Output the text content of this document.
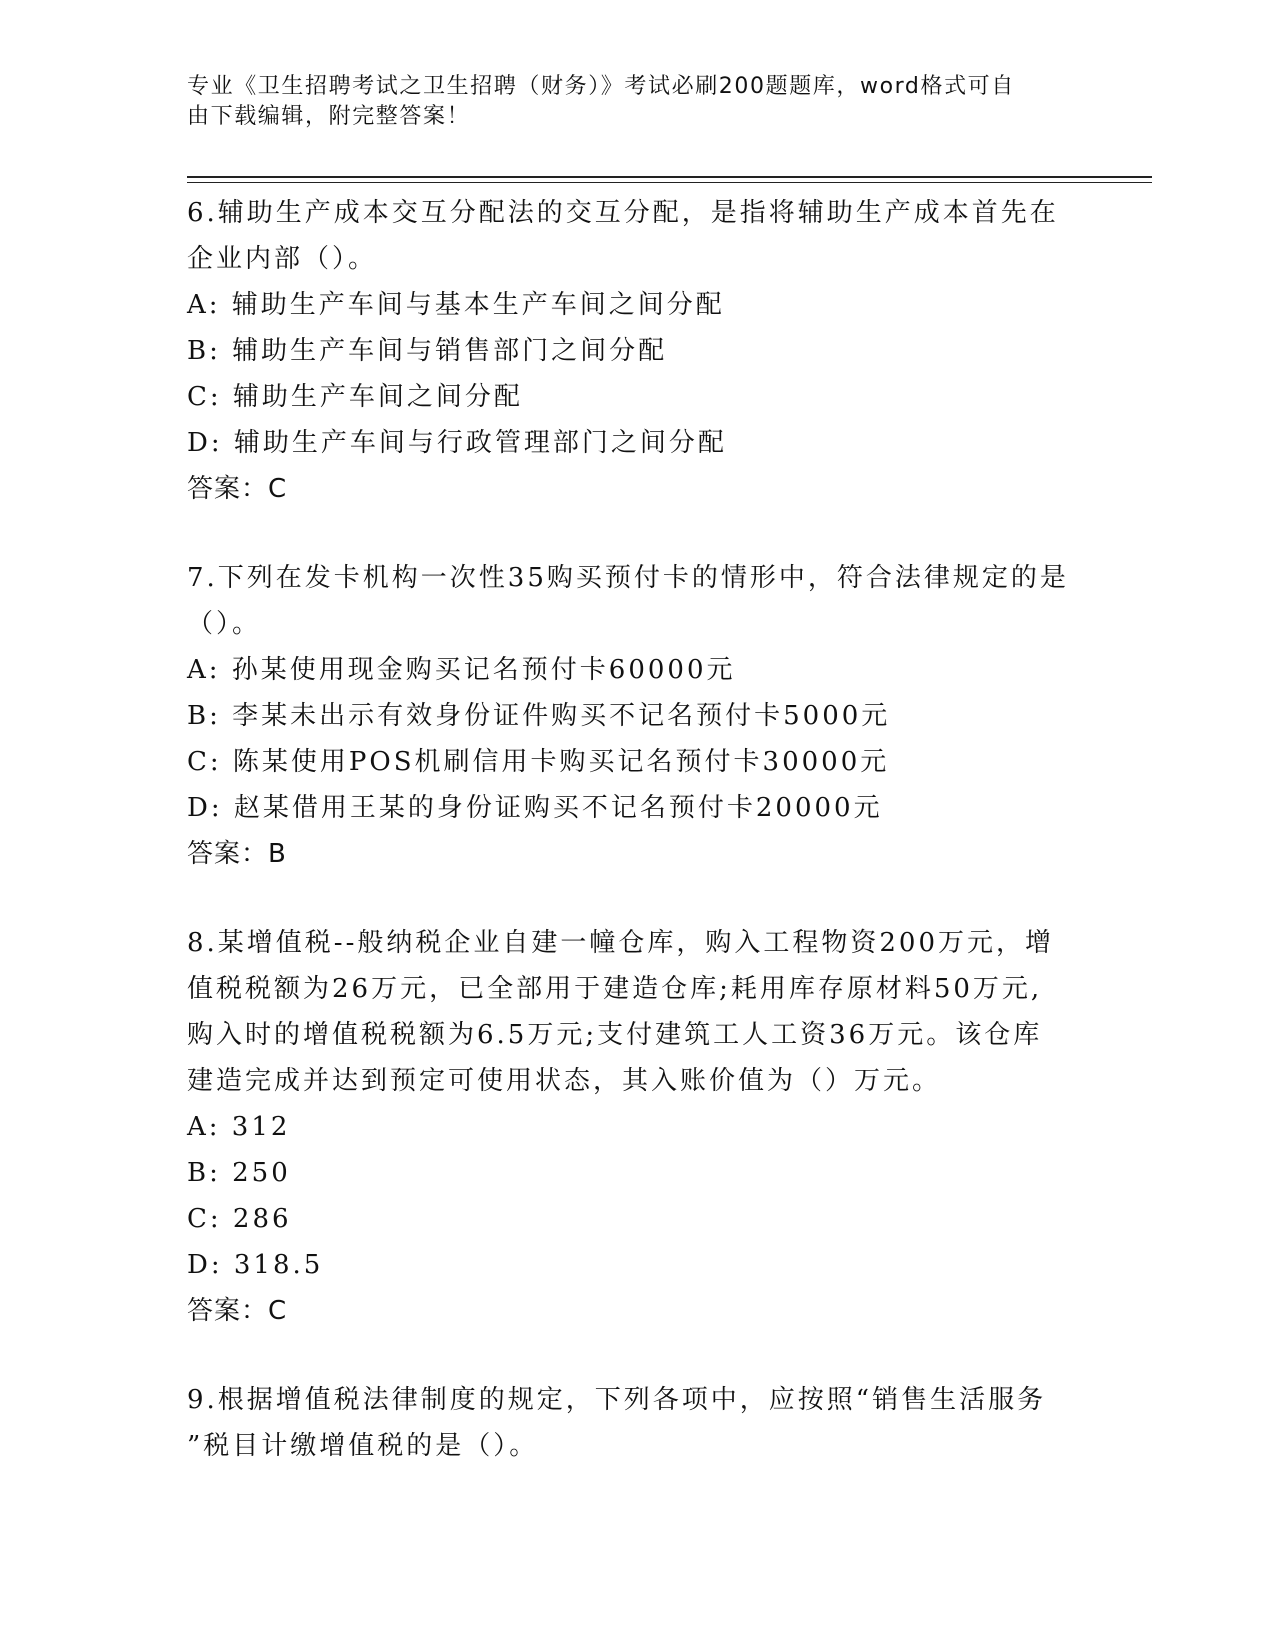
专业《卫生招聘考试之卫生招聘（财务）》考试必刷200题题库，word格式可自
由下载编辑，附完整答案！

6.辅助生产成本交互分配法的交互分配，是指将辅助生产成本首先在

企业内部（）。

A: 辅助生产车间与基本生产车间之间分配

B: 辅助生产车间与销售部门之间分配

C: 辅助生产车间之间分配

D: 辅助生产车间与行政管理部门之间分配

答案：C

7.下列在发卡机构一次性35购买预付卡的情形中，符合法律规定的是

（）。

A: 孙某使用现金购买记名预付卡60000元

B: 李某未出示有效身份证件购买不记名预付卡5000元

C: 陈某使用POS机刷信用卡购买记名预付卡30000元

D: 赵某借用王某的身份证购买不记名预付卡20000元

答案：B

8.某增值税--般纳税企业自建一幢仓库，购入工程物资200万元，增

值税税额为26万元，已全部用于建造仓库;耗用库存原材料50万元,

购入时的增值税税额为6.5万元;支付建筑工人工资36万元。该仓库

建造完成并达到预定可使用状态，其入账价值为（）万元。

A: 312

B: 250

C: 286

D: 318.5

答案：C

9.根据增值税法律制度的规定，下列各项中，应按照“销售生活服务

”税目计缴增值税的是（）。
